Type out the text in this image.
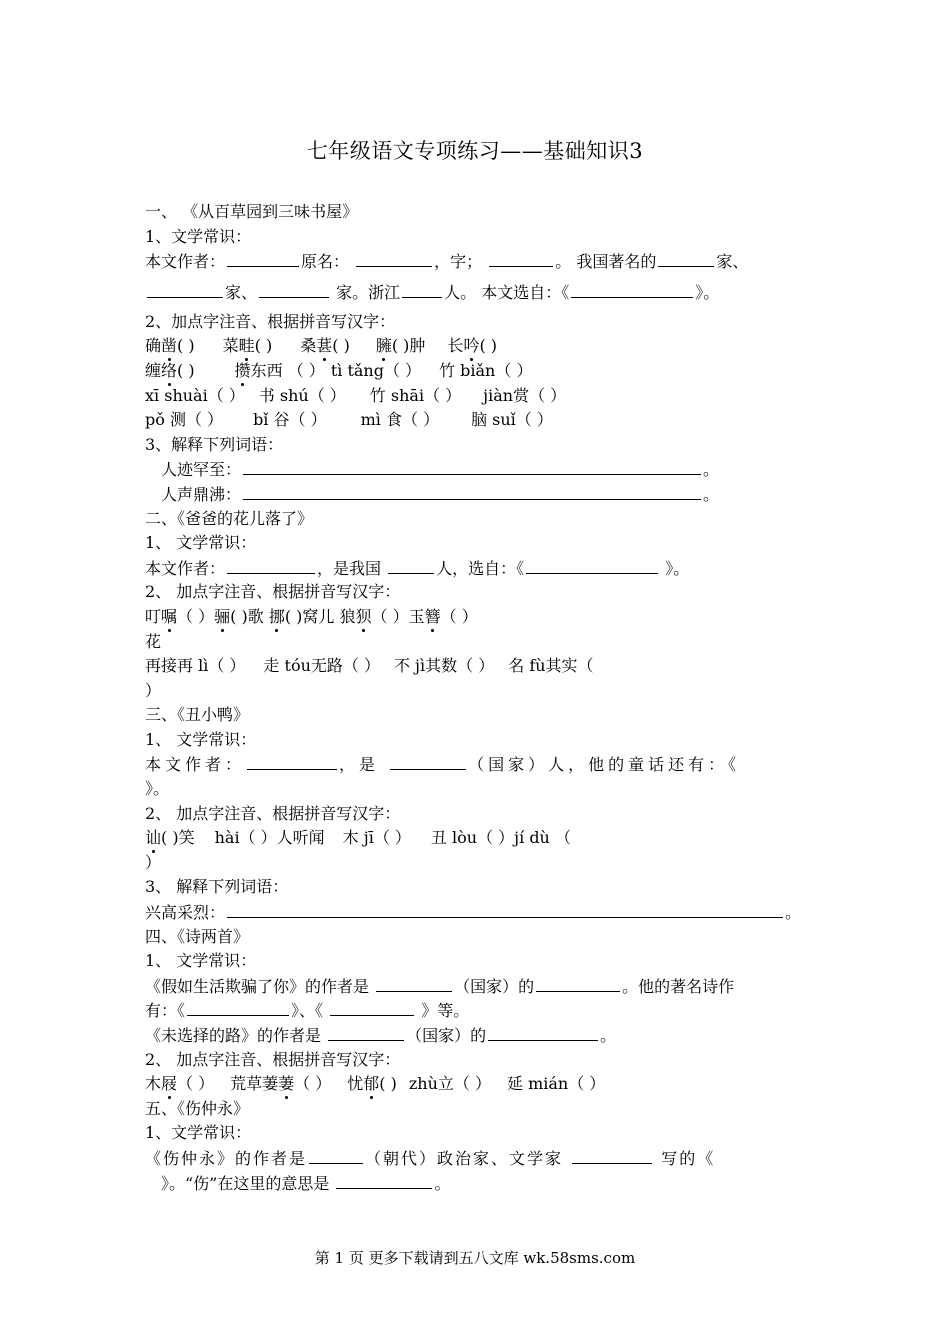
七年级语文专项练习——基础知识3
一、 《从百草园到三味书屋》
1、文学常识：
本文作者：	原名：	，字；	。 我国著名的	家、
家、	家。浙江	人。 本文选自：《	》。
2、加点字注音、根据拼音写汉字：
确凿( ) 菜畦( ) 桑葚( ) 臃( )肿 长吟( )
缠络( )	攒东西 （ ） tì tǎng（ ） 竹 biǎn（ ）
xī shuài（ ） 书 shú（ ） 竹 shāi（ ） jiàn赏（ ）
pǒ 测（ ） bǐ 谷（ ） mì 食（ ） 脑 suǐ（ ）
3、解释下列词语：
人迹罕至：	。
人声鼎沸：	。
二、《爸爸的花儿落了》
1、 文学常识：
本文作者：	，是我国	人，选自：《	》。
2、 加点字注音、根据拼音写汉字：
叮嘱（ ）骊( )歌 挪( )窝儿 狼狈（ ）玉簪（ ）
花
再接再 lì（ ） 走 tóu无路（ ） 不 jì其数（ ） 名 fù其实（
）
三、《丑小鸭》
1、 文学常识：
本文作者：	，是	（国家）人，他的童话还有：《
》。
2、 加点字注音、根据拼音写汉字：
讪( )笑 hài（ ）人听闻 木 jī（ ） 丑 lòu（ ）jí dù （
）
3、 解释下列词语：
兴高采烈：	。
四、《诗两首》
1、 文学常识：
《假如生活欺骗了你》的作者是	（国家）的	。他的著名诗作
有：《	》、《	》等。
《未选择的路》的作者是	（国家）的	。
2、 加点字注音、根据拼音写汉字：
木屐（ ） 荒草萋萋（ ） 忧郁( ) zhù立（ ） 延 mián（ ）
五、《伤仲永》
1、文学常识：
《伤仲永》的作者是	（朝代）政治家、文学家	写的《
》。“伤”在这里的意思是	。
第 1 页 更多下载请到五八文库 wk.58sms.com
